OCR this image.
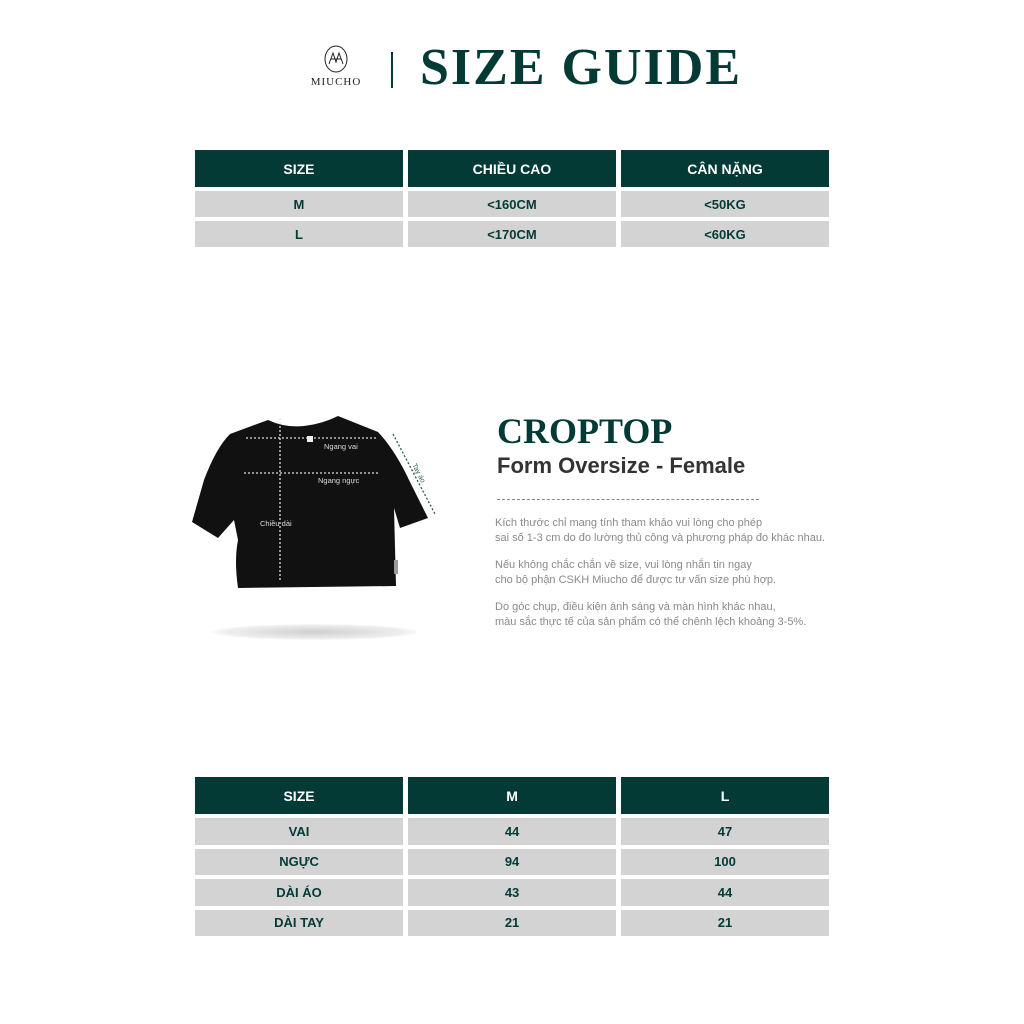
MIUCHO SIZE GUIDE
SIZE	CHIỀU CAO	CÂN NẶNG
M	<160CM	<50KG
L	<170CM	<60KG
Ngang vai
Ngang ngực
Chiều dài
Tay áo
CROPTOP
Form Oversize - Female

Kích thước chỉ mang tính tham khảo vui lòng cho phép
sai số 1-3 cm do đo lường thủ công và phương pháp đo khác nhau.

Nếu không chắc chắn về size, vui lòng nhắn tin ngay
cho bộ phận CSKH Miucho để được tư vấn size phù hợp.

Do góc chụp, điều kiện ánh sáng và màn hình khác nhau,
màu sắc thực tế của sản phẩm có thể chênh lệch khoảng 3-5%.

SIZE	M	L
VAI	44	47
NGỰC	94	100
DÀI ÁO	43	44
DÀI TAY	21	21
